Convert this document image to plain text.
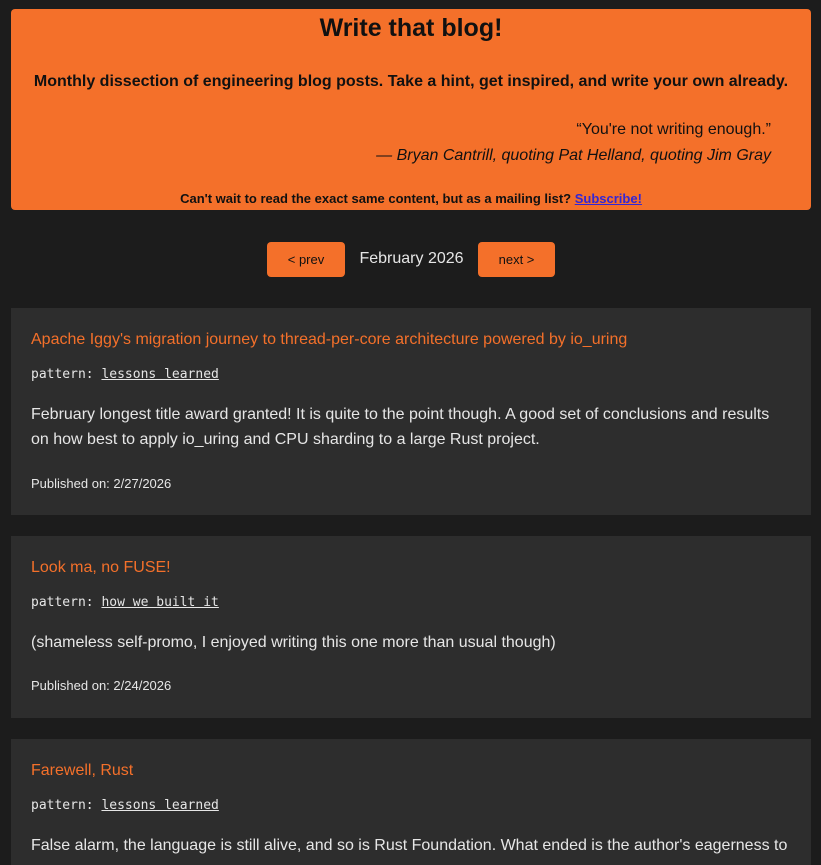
Write that blog!
Monthly dissection of engineering blog posts. Take a hint, get inspired, and write your own already.
“You're not writing enough.”
— Bryan Cantrill, quoting Pat Helland, quoting Jim Gray
Can't wait to read the exact same content, but as a mailing list? Subscribe!
< prev	February 2026	next >
Apache Iggy's migration journey to thread-per-core architecture powered by io_uring
pattern: lessons learned
February longest title award granted! It is quite to the point though. A good set of conclusions and results on how best to apply io_uring and CPU sharding to a large Rust project.
Published on: 2/27/2026
Look ma, no FUSE!
pattern: how we built it
(shameless self-promo, I enjoyed writing this one more than usual though)
Published on: 2/24/2026
Farewell, Rust
pattern: lessons learned
False alarm, the language is still alive, and so is Rust Foundation. What ended is the author's eagerness to
